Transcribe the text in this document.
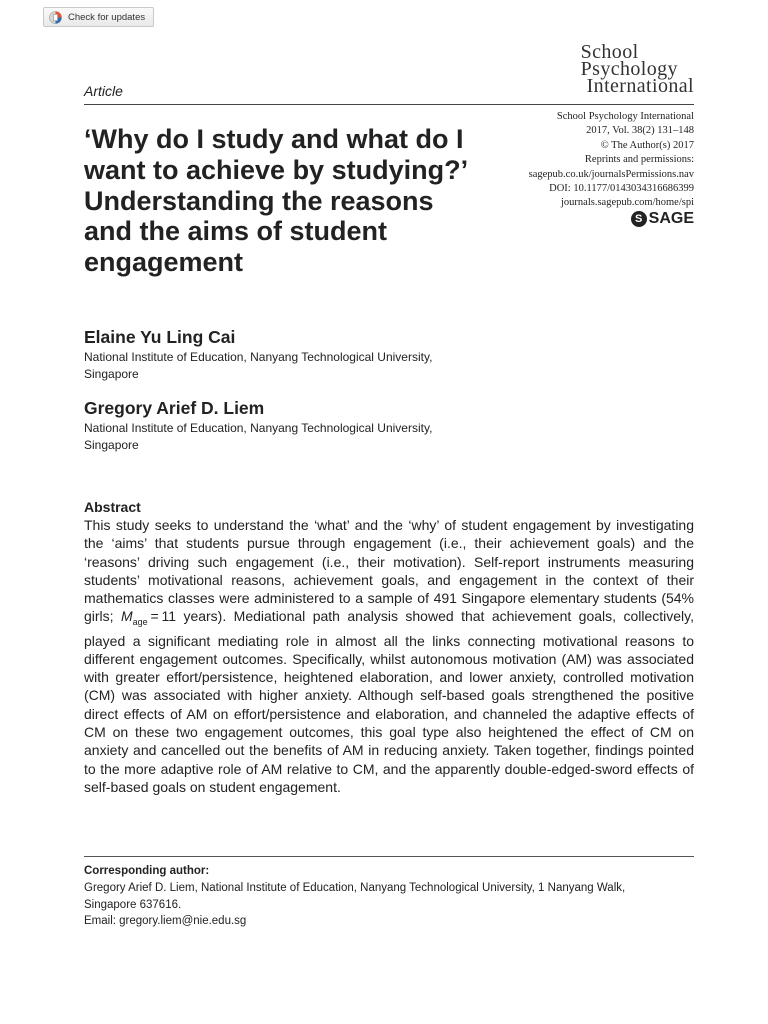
Check for updates
School
Psychology
International
Article
‘Why do I study and what do I want to achieve by studying?’ Understanding the reasons and the aims of student engagement
School Psychology International
2017, Vol. 38(2) 131–148
© The Author(s) 2017
Reprints and permissions:
sagepub.co.uk/journalsPermissions.nav
DOI: 10.1177/0143034316686399
journals.sagepub.com/home/spi
S SAGE
Elaine Yu Ling Cai
National Institute of Education, Nanyang Technological University,
Singapore
Gregory Arief D. Liem
National Institute of Education, Nanyang Technological University,
Singapore
Abstract
This study seeks to understand the ‘what’ and the ‘why’ of student engagement by investigating the ‘aims’ that students pursue through engagement (i.e., their achievement goals) and the ‘reasons’ driving such engagement (i.e., their motivation). Self-report instruments measuring students’ motivational reasons, achievement goals, and engagement in the context of their mathematics classes were administered to a sample of 491 Singapore elementary students (54% girls; $M_{age} = 11$ years). Mediational path analysis showed that achievement goals, collectively, played a significant mediating role in almost all the links connecting motivational reasons to different engagement outcomes. Specifically, whilst autonomous motivation (AM) was associated with greater effort/persistence, heightened elaboration, and lower anxiety, controlled motivation (CM) was associated with higher anxiety. Although self-based goals strengthened the positive direct effects of AM on effort/persistence and elaboration, and channeled the adaptive effects of CM on these two engagement outcomes, this goal type also heightened the effect of CM on anxiety and cancelled out the benefits of AM in reducing anxiety. Taken together, findings pointed to the more adaptive role of AM relative to CM, and the apparently double-edged-sword effects of self-based goals on student engagement.
Corresponding author:
Gregory Arief D. Liem, National Institute of Education, Nanyang Technological University, 1 Nanyang Walk,
Singapore 637616.
Email: gregory.liem@nie.edu.sg
